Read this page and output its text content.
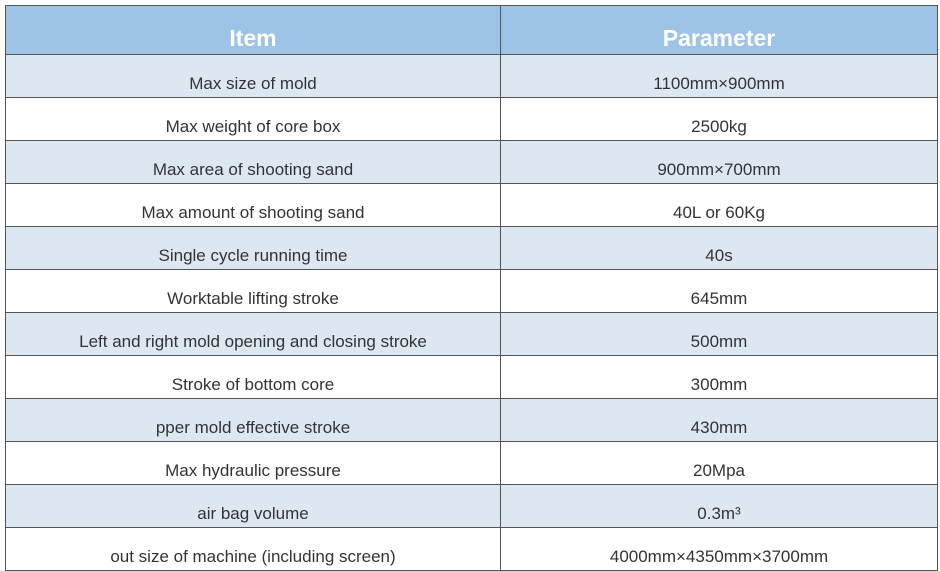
Item	Parameter
Max size of mold	1100mm×900mm
Max weight of core box	2500kg
Max area of shooting sand	900mm×700mm
Max amount of shooting sand	40L or 60Kg
Single cycle running time	40s
Worktable lifting stroke	645mm
Left and right mold opening and closing stroke	500mm
Stroke of bottom core	300mm
pper mold effective stroke	430mm
Max hydraulic pressure	20Mpa
air bag volume	0.3m³
out size of machine (including screen)	4000mm×4350mm×3700mm
